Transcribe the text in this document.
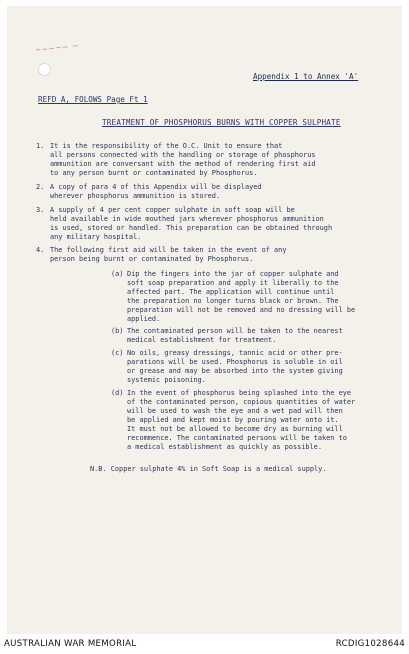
~~~~~ ~
Appendix 1 to Annex 'A'
REFD A, FOLOWS Page Ft 1
TREATMENT OF PHOSPHORUS BURNS WITH COPPER SULPHATE
1. It is the responsibility of the O.C. Unit to ensure that
all persons connected with the handling or storage of phosphorus
ammunition are conversant with the method of rendering first aid
to any person burnt or contaminated by Phosphorus.
2. A copy of para 4 of this Appendix will be displayed
wherever phosphorus ammunition is stored.
3. A supply of 4 per cent copper sulphate in soft soap will be
held available in wide mouthed jars wherever phosphorus ammunition
is used, stored or handled. This preparation can be obtained through
any military hospital.
4. The following first aid will be taken in the event of any
person being burnt or contaminated by Phosphorus.
(a) Dip the fingers into the jar of copper sulphate and
soft soap preparation and apply it liberally to the
affected part. The application will continue until
the preparation no longer turns black or brown. The
preparation will not be removed and no dressing will be
applied.
(b) The contaminated person will be taken to the nearest
medical establishment for treatment.
(c) No oils, greasy dressings, tannic acid or other pre-
parations will be used. Phosphorus is soluble in oil
or grease and may be absorbed into the system giving
systemic poisoning.
(d) In the event of phosphorus being splashed into the eye
of the contaminated person, copious quantities of water
will be used to wash the eye and a wet pad will then
be applied and kept moist by pouring water onto it.
It must not be allowed to become dry as burning will
recommence. The contaminated persons will be taken to
a medical establishment as quickly as possible.
N.B. Copper sulphate 4% in Soft Soap is a medical supply.
AUSTRALIAN WAR MEMORIAL	RCDIG1028644
